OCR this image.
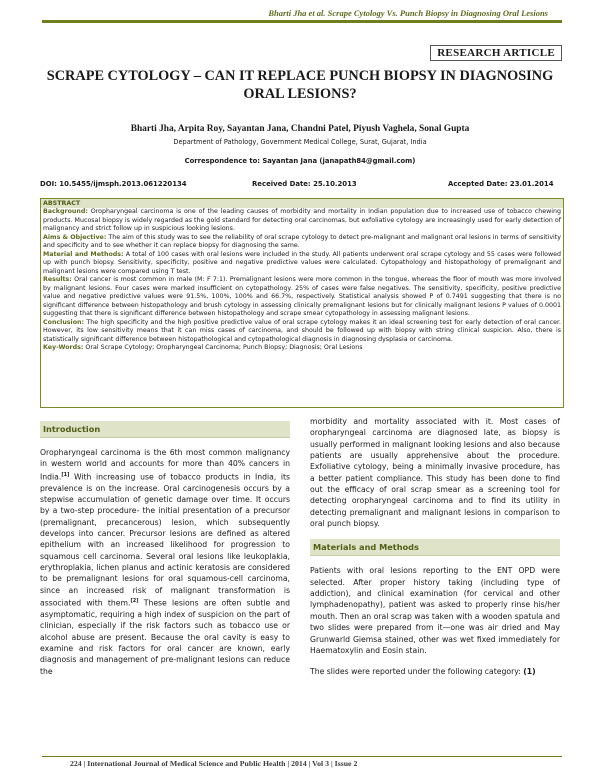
Bharti Jha et al. Scrape Cytology Vs. Punch Biopsy in Diagnosing Oral Lesions
RESEARCH ARTICLE
SCRAPE CYTOLOGY – CAN IT REPLACE PUNCH BIOPSY IN DIAGNOSING ORAL LESIONS?
Bharti Jha, Arpita Roy, Sayantan Jana, Chandni Patel, Piyush Vaghela, Sonal Gupta
Department of Pathology, Government Medical College, Surat, Gujarat, India
Correspondence to: Sayantan Jana (janapath84@gmail.com)
DOI: 10.5455/ijmsph.2013.061220134	Received Date: 25.10.2013	Accepted Date: 23.01.2014
ABSTRACT
Background: Oropharyngeal carcinoma is one of the leading causes of morbidity and mortality in Indian population due to increased use of tobacco chewing products. Mucosal biopsy is widely regarded as the gold standard for detecting oral carcinomas, but exfoliative cytology are increasingly used for early detection of malignancy and strict follow up in suspicious looking lesions.
Aims & Objective: The aim of this study was to see the reliability of oral scrape cytology to detect pre-malignant and malignant oral lesions in terms of sensitivity and specificity and to see whether it can replace biopsy for diagnosing the same.
Material and Methods: A total of 100 cases with oral lesions were included in the study. All patients underwent oral scrape cytology and 55 cases were followed up with punch biopsy. Sensitivity, specificity, positive and negative predictive values were calculated. Cytopathology and histopathology of premalignant and malignant lesions were compared using T test.
Results: Oral cancer is most common in male (M: F 7:1). Premalignant lesions were more common in the tongue, whereas the floor of mouth was more involved by malignant lesions. Four cases were marked insufficient on cytopathology. 25% of cases were false negatives. The sensitivity, specificity, positive predictive value and negative predictive values were 91.5%, 100%, 100% and 66.7%, respectively. Statistical analysis showed P of 0.7491 suggesting that there is no significant difference between histopathology and brush cytology in assessing clinically premalignant lesions but for clinically malignant lesions P values of 0.0001 suggesting that there is significant difference between histopathology and scrape smear cytopathology in assessing malignant lesions.
Conclusion: The high specificity and the high positive predictive value of oral scrape cytology makes it an ideal screening test for early detection of oral cancer. However, its low sensitivity means that it can miss cases of carcinoma, and should be followed up with biopsy with string clinical suspicion. Also, there is statistically significant difference between histopathological and cytopathological diagnosis in diagnosing dysplasia or carcinoma.
Key-Words: Oral Scrape Cytology; Oropharyngeal Carcinoma; Punch Biopsy; Diagnosis; Oral Lesions
Introduction

Oropharyngeal carcinoma is the 6th most common malignancy in western world and accounts for more than 40% cancers in India.[1] With increasing use of tobacco products in India, its prevalence is on the increase. Oral carcinogenesis occurs by a stepwise accumulation of genetic damage over time. It occurs by a two-step procedure- the initial presentation of a precursor (premalignant, precancerous) lesion, which subsequently develops into cancer. Precursor lesions are defined as altered epithelium with an increased likelihood for progression to squamous cell carcinoma. Several oral lesions like leukoplakia, erythroplakia, lichen planus and actinic keratosis are considered to be premalignant lesions for oral squamous-cell carcinoma, since an increased risk of malignant transformation is associated with them.[2] These lesions are often subtle and asymptomatic, requiring a high index of suspicion on the part of clinician, especially if the risk factors such as tobacco use or alcohol abuse are present. Because the oral cavity is easy to examine and risk factors for oral cancer are known, early diagnosis and management of pre-malignant lesions can reduce the

morbidity and mortality associated with it. Most cases of oropharyngeal carcinoma are diagnosed late, as biopsy is usually performed in malignant looking lesions and also because patients are usually apprehensive about the procedure. Exfoliative cytology, being a minimally invasive procedure, has a better patient compliance. This study has been done to find out the efficacy of oral scrap smear as a screening tool for detecting oropharyngeal carcinoma and to find its utility in detecting premalignant and malignant lesions in comparison to oral punch biopsy.

Materials and Methods

Patients with oral lesions reporting to the ENT OPD were selected. After proper history taking (including type of addiction), and clinical examination (for cervical and other lymphadenopathy), patient was asked to properly rinse his/her mouth. Then an oral scrap was taken with a wooden spatula and two slides were prepared from it—one was air dried and May Grunwarld Giemsa stained, other was wet fixed immediately for Haematoxylin and Eosin stain.

The slides were reported under the following category: (1)

224 | International Journal of Medical Science and Public Health | 2014 | Vol 3 | Issue 2
